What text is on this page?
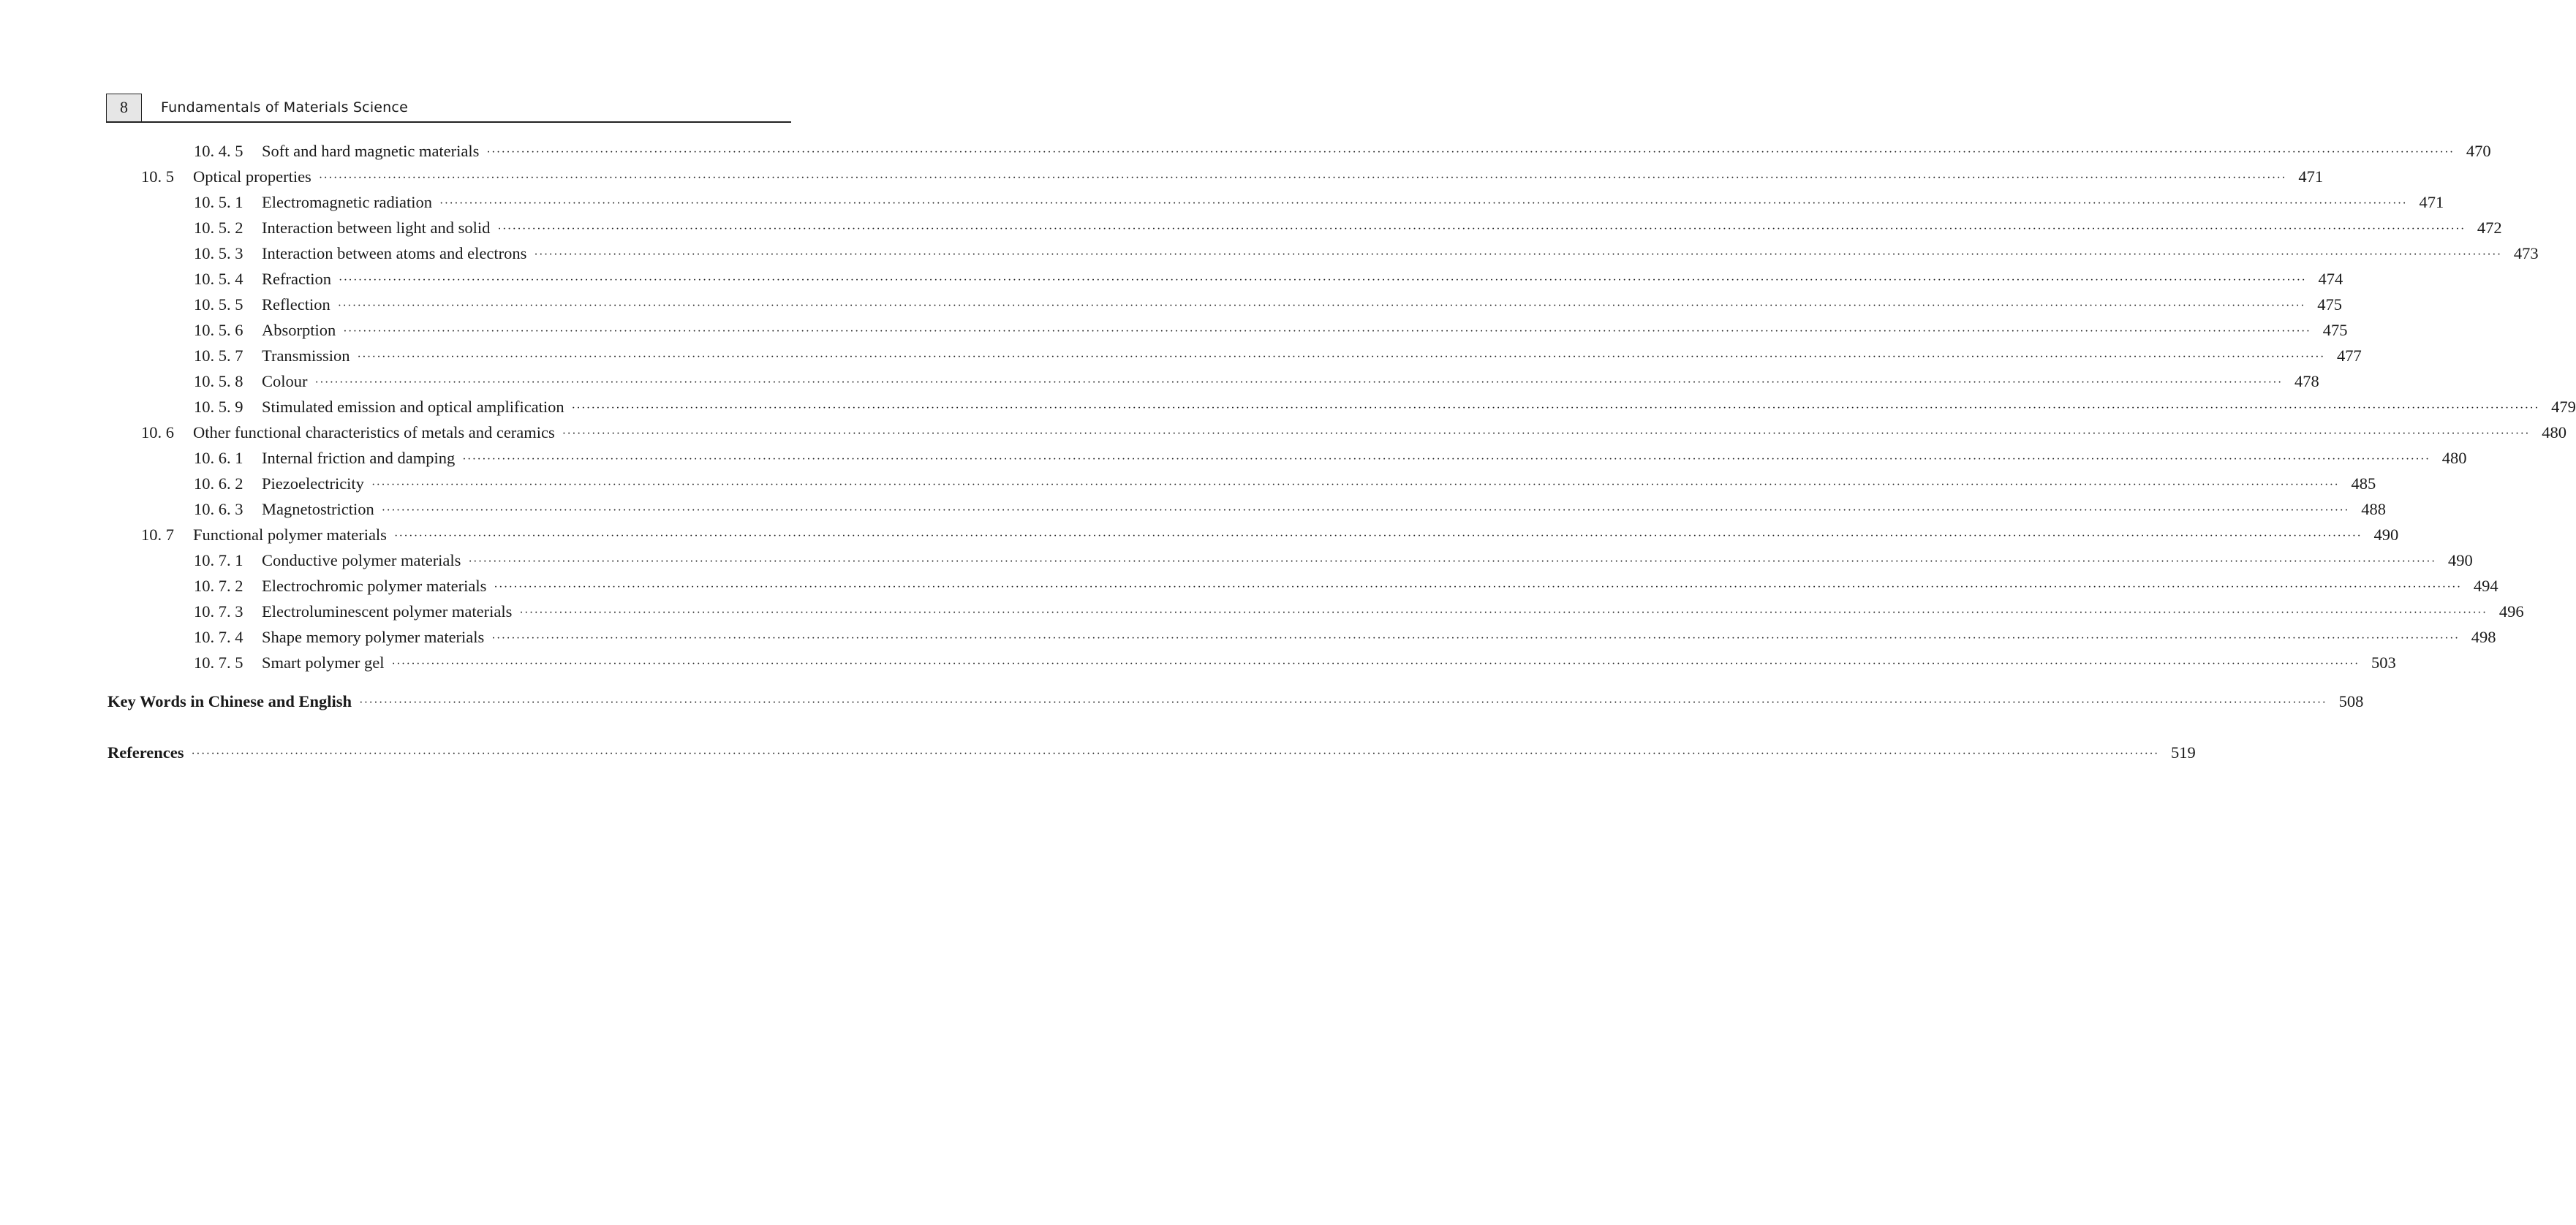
8	Fundamentals of Materials Science
10. 4. 5	Soft and hard magnetic materials ················································································································································································································································································································································································································ 470
10. 5	Optical properties ················································································································································································································································································································································································································ 471
10. 5. 1	Electromagnetic radiation ················································································································································································································································································································································································································ 471
10. 5. 2	Interaction between light and solid ················································································································································································································································································································································································································ 472
10. 5. 3	Interaction between atoms and electrons ················································································································································································································································································································································································································ 473
10. 5. 4	Refraction ················································································································································································································································································································································································································ 474
10. 5. 5	Reflection ················································································································································································································································································································································································································ 475
10. 5. 6	Absorption ················································································································································································································································································································································································································ 475
10. 5. 7	Transmission ················································································································································································································································································································································································································ 477
10. 5. 8	Colour ················································································································································································································································································································································································································ 478
10. 5. 9	Stimulated emission and optical amplification ················································································································································································································································································································································································································ 479
10. 6	Other functional characteristics of metals and ceramics ················································································································································································································································································································································································································ 480
10. 6. 1	Internal friction and damping ················································································································································································································································································································································································································ 480
10. 6. 2	Piezoelectricity ················································································································································································································································································································································································································ 485
10. 6. 3	Magnetostriction ················································································································································································································································································································································································································ 488
10. 7	Functional polymer materials ················································································································································································································································································································································································································ 490
10. 7. 1	Conductive polymer materials ················································································································································································································································································································································································································ 490
10. 7. 2	Electrochromic polymer materials ················································································································································································································································································································································································································ 494
10. 7. 3	Electroluminescent polymer materials ················································································································································································································································································································································································································ 496
10. 7. 4	Shape memory polymer materials ················································································································································································································································································································································································································ 498
10. 7. 5	Smart polymer gel ················································································································································································································································································································································································································ 503
Key Words in Chinese and English ················································································································································································································································································································································································································ 508
References ················································································································································································································································································································································································································ 519
